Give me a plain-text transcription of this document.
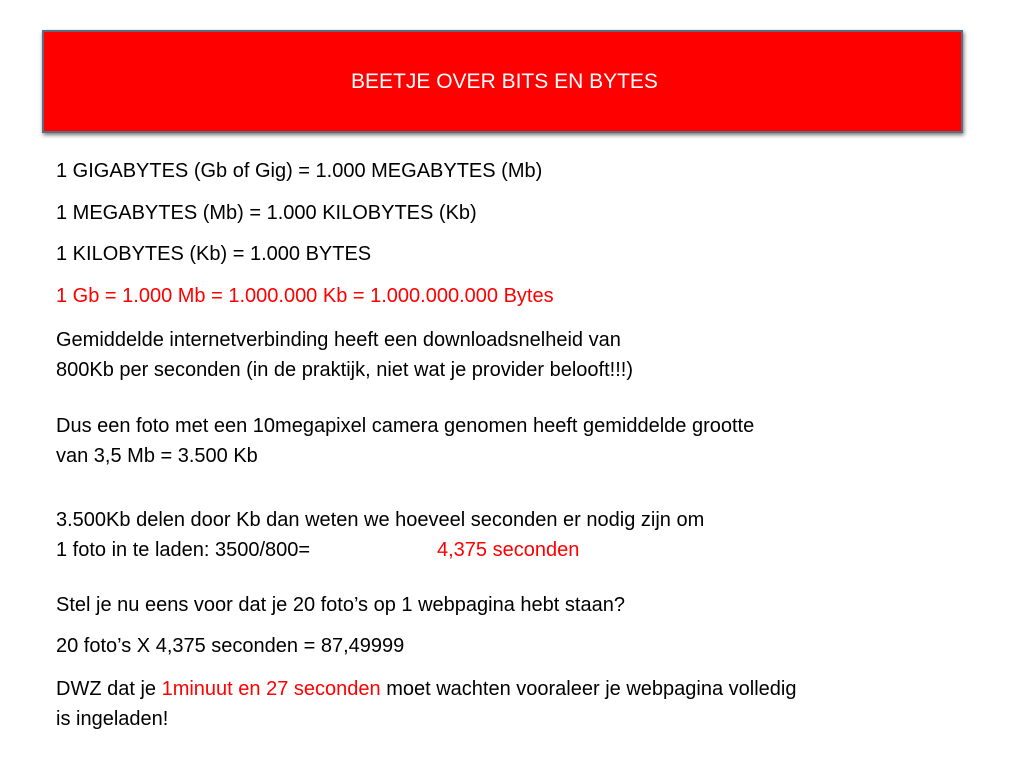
BEETJE OVER BITS EN BYTES
1 GIGABYTES (Gb of Gig) = 1.000 MEGABYTES (Mb)
1 MEGABYTES (Mb) = 1.000 KILOBYTES (Kb)
1 KILOBYTES (Kb) = 1.000 BYTES
1 Gb = 1.000 Mb = 1.000.000 Kb = 1.000.000.000 Bytes
Gemiddelde internetverbinding heeft een downloadsnelheid van
800Kb per seconden (in de praktijk, niet wat je provider belooft!!!)
Dus een foto met een 10megapixel camera genomen heeft gemiddelde grootte
van 3,5 Mb = 3.500 Kb
3.500Kb delen door Kb dan weten we hoeveel seconden er nodig zijn om
1 foto in te laden: 3500/800=	4,375 seconden
Stel je nu eens voor dat je 20 foto’s op 1 webpagina hebt staan?
20 foto’s X 4,375 seconden = 87,49999
DWZ dat je 1minuut en 27 seconden moet wachten vooraleer je webpagina volledig
is ingeladen!
